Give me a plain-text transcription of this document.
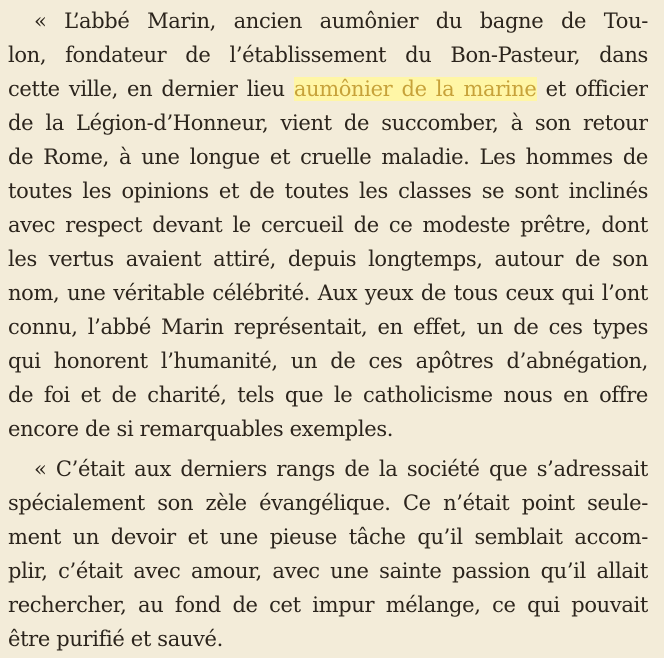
« L’abbé Marin, ancien aumônier du bagne de Tou-
lon, fondateur de l’établissement du Bon-Pasteur, dans
cette ville, en dernier lieu aumônier de la marine et officier
de la Légion-d’Honneur, vient de succomber, à son retour
de Rome, à une longue et cruelle maladie. Les hommes de
toutes les opinions et de toutes les classes se sont inclinés
avec respect devant le cercueil de ce modeste prêtre, dont
les vertus avaient attiré, depuis longtemps, autour de son
nom, une véritable célébrité. Aux yeux de tous ceux qui l’ont
connu, l’abbé Marin représentait, en effet, un de ces types
qui honorent l’humanité, un de ces apôtres d’abnégation,
de foi et de charité, tels que le catholicisme nous en offre
encore de si remarquables exemples.
« C’était aux derniers rangs de la société que s’adressait
spécialement son zèle évangélique. Ce n’était point seule-
ment un devoir et une pieuse tâche qu’il semblait accom-
plir, c’était avec amour, avec une sainte passion qu’il allait
rechercher, au fond de cet impur mélange, ce qui pouvait
être purifié et sauvé.
